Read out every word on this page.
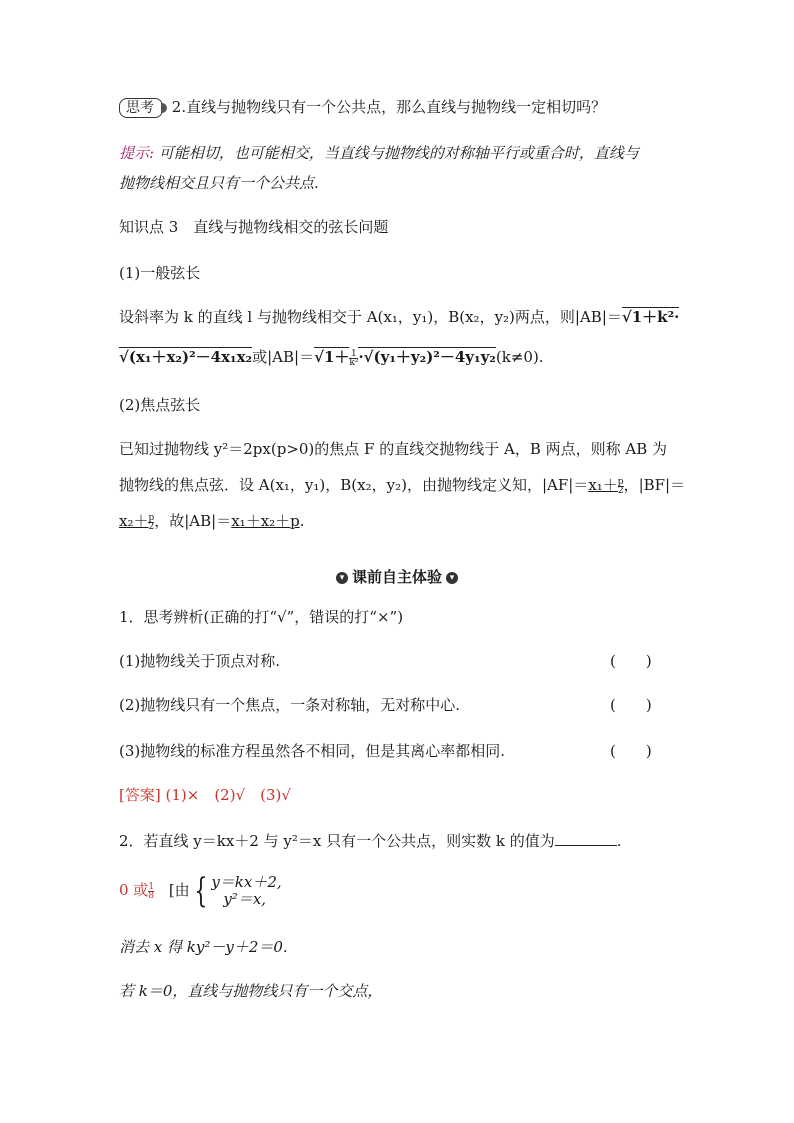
思考 2.直线与抛物线只有一个公共点，那么直线与抛物线一定相切吗？
提示: 可能相切，也可能相交，当直线与抛物线的对称轴平行或重合时，直线与
抛物线相交且只有一个公共点.
知识点 3　直线与抛物线相交的弦长问题
(1)一般弦长
设斜率为 k 的直线 l 与抛物线相交于 A(x₁，y₁)，B(x₂，y₂)两点，则|AB|＝√1＋k²·
√(x₁＋x₂)²－4x₁x₂或$|AB|=√1+ \frac{1}{\text{k²}} \cdot√(y_1+y_2)^2-4y_1y_2(k\ne 0)$.
(2)焦点弦长
已知过抛物线 y²＝2px(p>0)的焦点 F 的直线交抛物线于 A，B 两点，则称 AB 为
抛物线的焦点弦．设 A(x₁，y₁)，B(x₂，y₂)，由抛物线定义知，$|AF|=x_1+ \frac{p}{2}$ ，|BF|＝
$x_2+ \frac{p}{2}$ ，故|AB|＝x₁＋x₂＋p.
▾ 课前自主体验 ▾
1．思考辨析(正确的打“√”，错误的打“×”)
(1)抛物线关于顶点对称.	(　　)
(2)抛物线只有一个焦点，一条对称轴，无对称中心.	(　　)
(3)抛物线的标准方程虽然各不相同，但是其离心率都相同.	(　　)
[答案] (1)×　(2)√　(3)√
2．若直线 y＝kx＋2 与 y²＝x 只有一个公共点，则实数 k 的值为	.
0 或 $\frac{1}{8}$ [由 { y＝kx＋2,
y²＝x,
消去 x 得 ky²－y＋2＝0.
若 k＝0，直线与抛物线只有一个交点，
